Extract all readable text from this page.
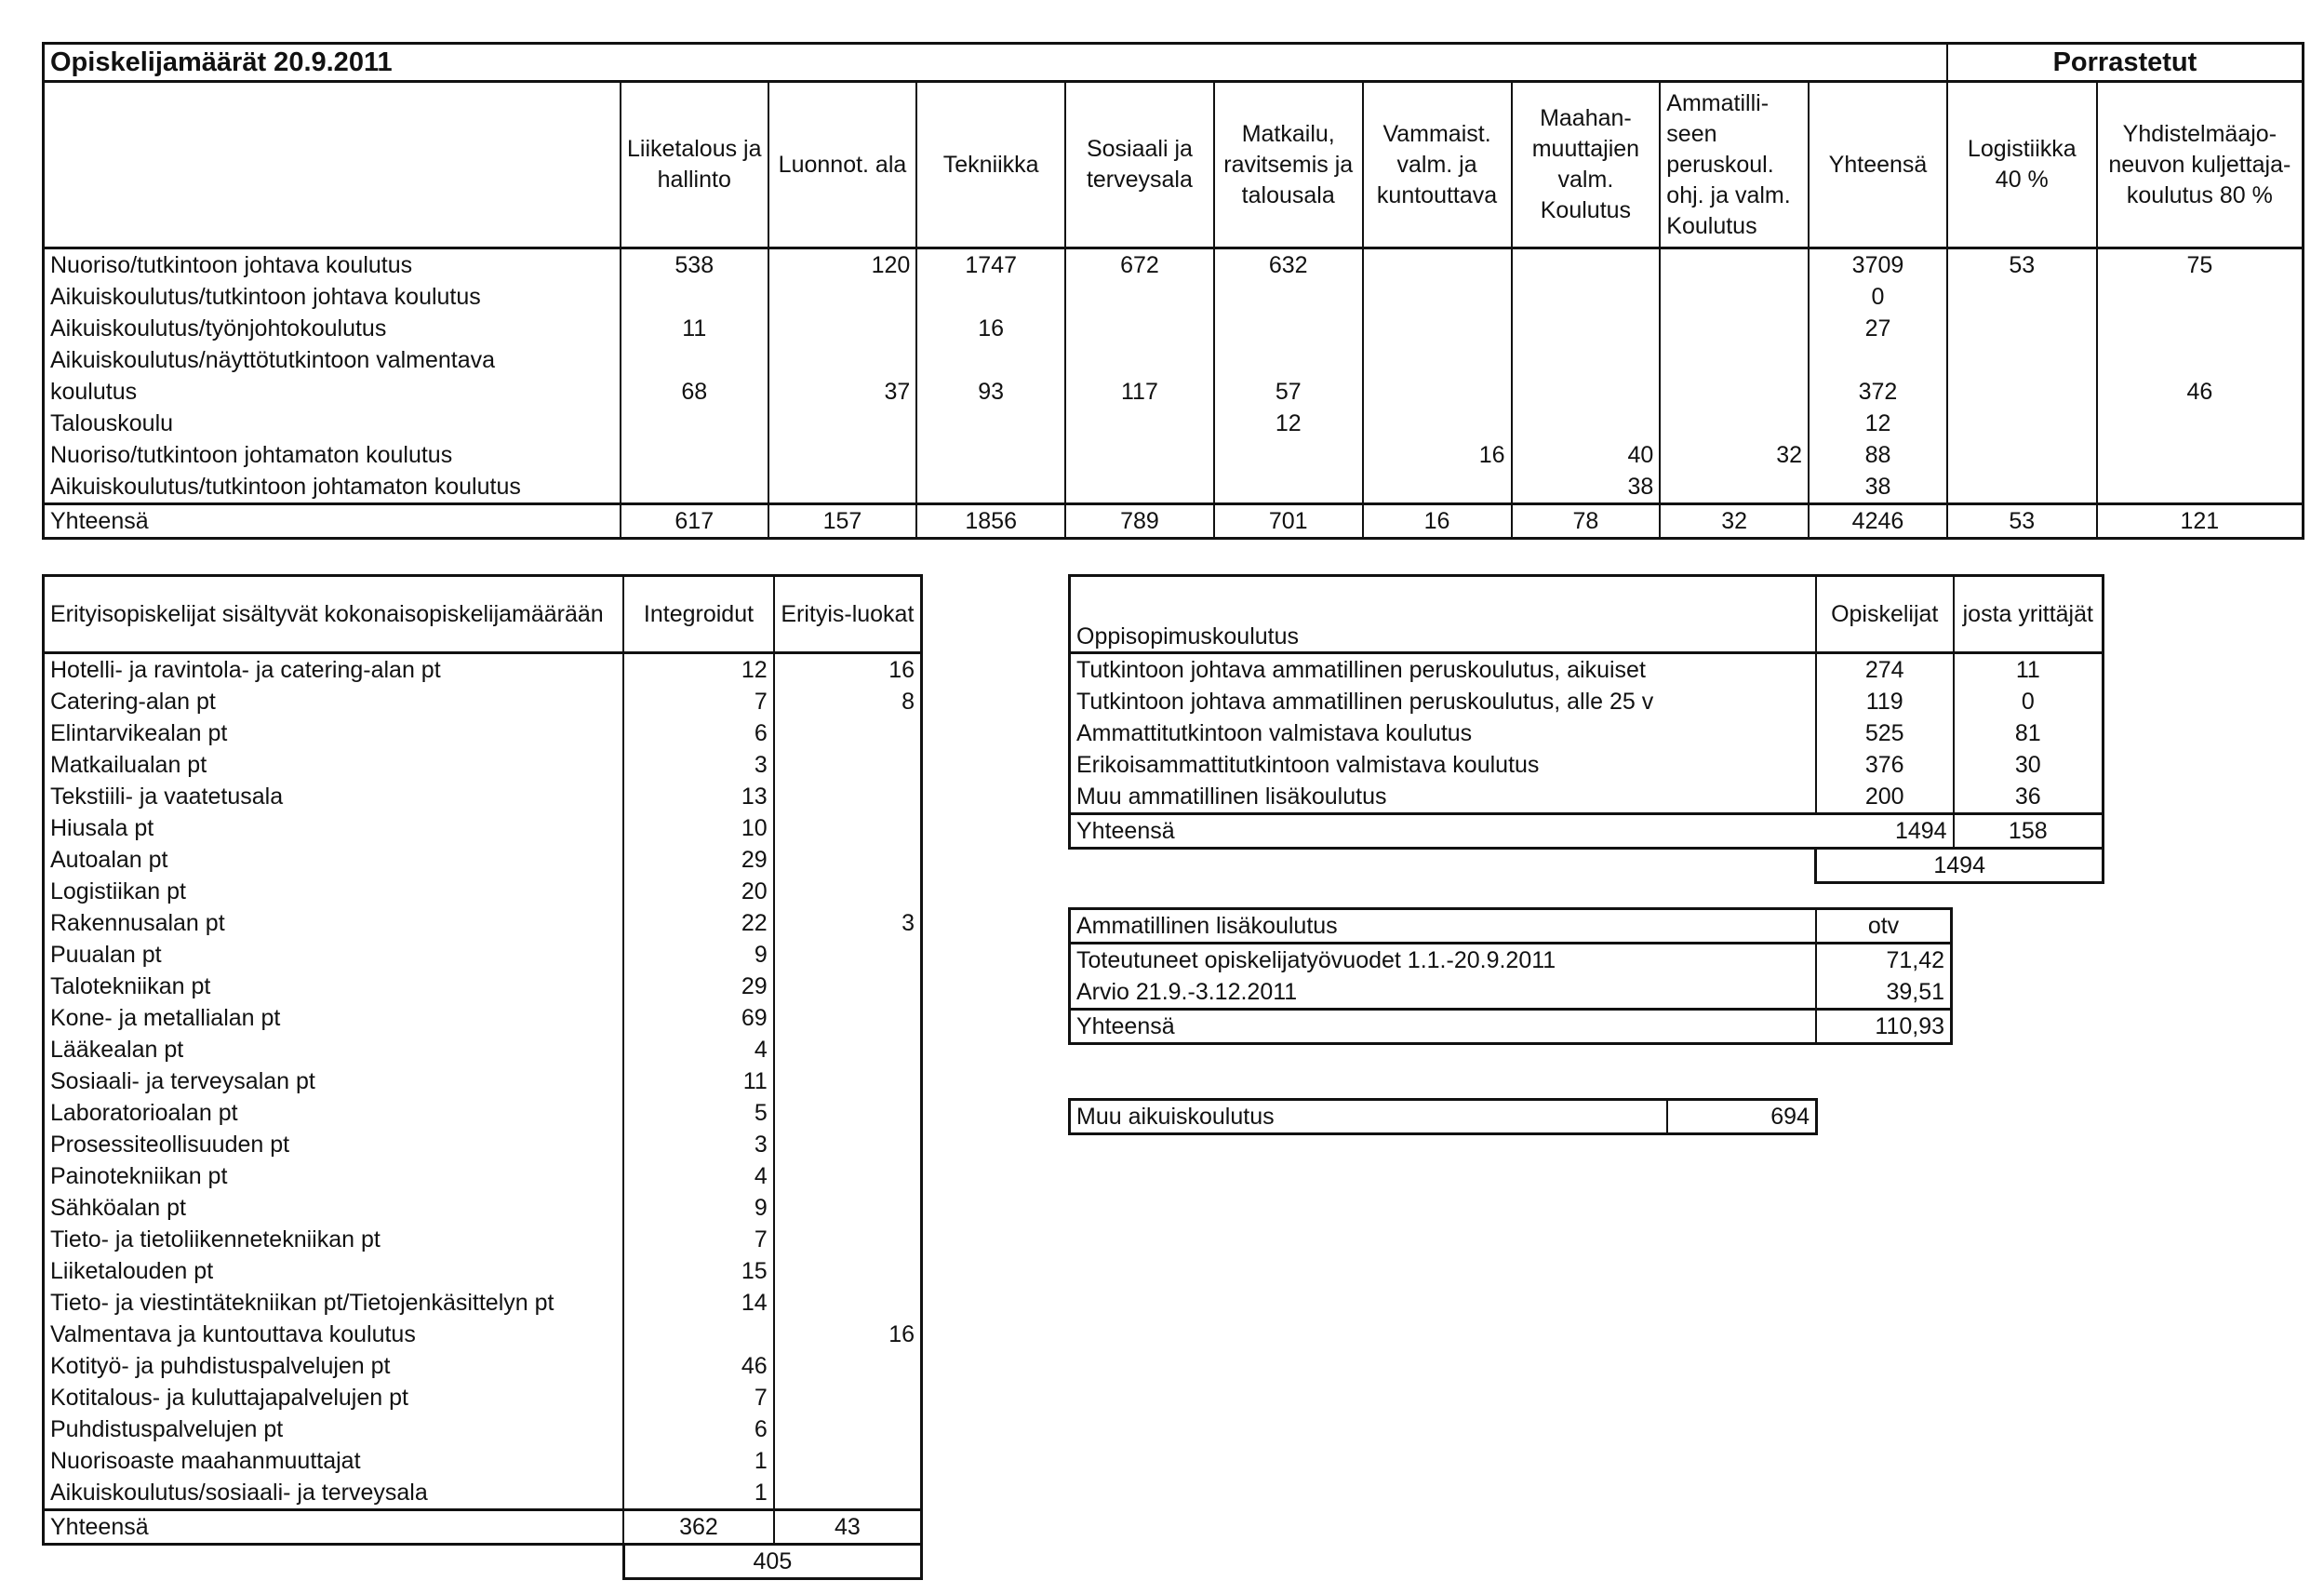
Opiskelijamäärät 20.9.2011										Porrastetut	
	Liiketalous ja hallinto	Luonnot. ala	Tekniikka	Sosiaali ja terveysala	Matkailu, ravitsemis ja talousala	Vammaist. valm. ja kuntouttava	Maahan-muuttajien valm. Koulutus	Ammatilli-seen peruskoul. ohj. ja valm. Koulutus	Yhteensä	Logistiikka 40 %	Yhdistelmäajo-neuvon kuljettaja-koulutus 80 %
Nuoriso/tutkintoon johtava koulutus	538	120	1747	672	632				3709	53	75
Aikuiskoulutus/tutkintoon johtava koulutus									0		
Aikuiskoulutus/työnjohtokoulutus	11		16						27		
Aikuiskoulutus/näyttötutkintoon valmentava											
koulutus	68	37	93	117	57				372		46
Talouskoulu					12				12		
Nuoriso/tutkintoon johtamaton koulutus						16	40	32	88		
Aikuiskoulutus/tutkintoon johtamaton koulutus							38		38		
Yhteensä	617	157	1856	789	701	16	78	32	4246	53	121
Erityisopiskelijat sisältyvät kokonaisopiskelijamäärään	Integroidut	Erityis-luokat
Hotelli- ja ravintola- ja catering-alan pt	12	16
Catering-alan pt	7	8
Elintarvikealan pt	6	
Matkailualan pt	3	
Tekstiili- ja vaatetusala	13	
Hiusala pt	10	
Autoalan pt	29	
Logistiikan pt	20	
Rakennusalan pt	22	3
Puualan pt	9	
Talotekniikan pt	29	
Kone- ja metallialan pt	69	
Lääkealan pt	4	
Sosiaali- ja terveysalan pt	11	
Laboratorioalan pt	5	
Prosessiteollisuuden pt	3	
Painotekniikan pt	4	
Sähköalan pt	9	
Tieto- ja tietoliikennetekniikan pt	7	
Liiketalouden pt	15	
Tieto- ja viestintätekniikan pt/Tietojenkäsittelyn pt	14	
Valmentava ja kuntouttava koulutus		16
Kotityö- ja puhdistuspalvelujen pt	46	
Kotitalous- ja kuluttajapalvelujen pt	7	
Puhdistuspalvelujen pt	6	
Nuorisoaste maahanmuuttajat	1	
Aikuiskoulutus/sosiaali- ja terveysala	1	
Yhteensä	362	43
	405	
Oppisopimuskoulutus	Opiskelijat	josta yrittäjät
Tutkintoon johtava ammatillinen peruskoulutus, aikuiset	274	11
Tutkintoon johtava ammatillinen peruskoulutus, alle 25 v	119	0
Ammattitutkintoon valmistava koulutus	525	81
Erikoisammattitutkintoon valmistava koulutus	376	30
Muu ammatillinen lisäkoulutus	200	36
Yhteensä	1494	158
	1494	
Ammatillinen lisäkoulutus	otv
Toteutuneet opiskelijatyövuodet 1.1.-20.9.2011	71,42
Arvio 21.9.-3.12.2011	39,51
Yhteensä	110,93
Muu aikuiskoulutus	694
